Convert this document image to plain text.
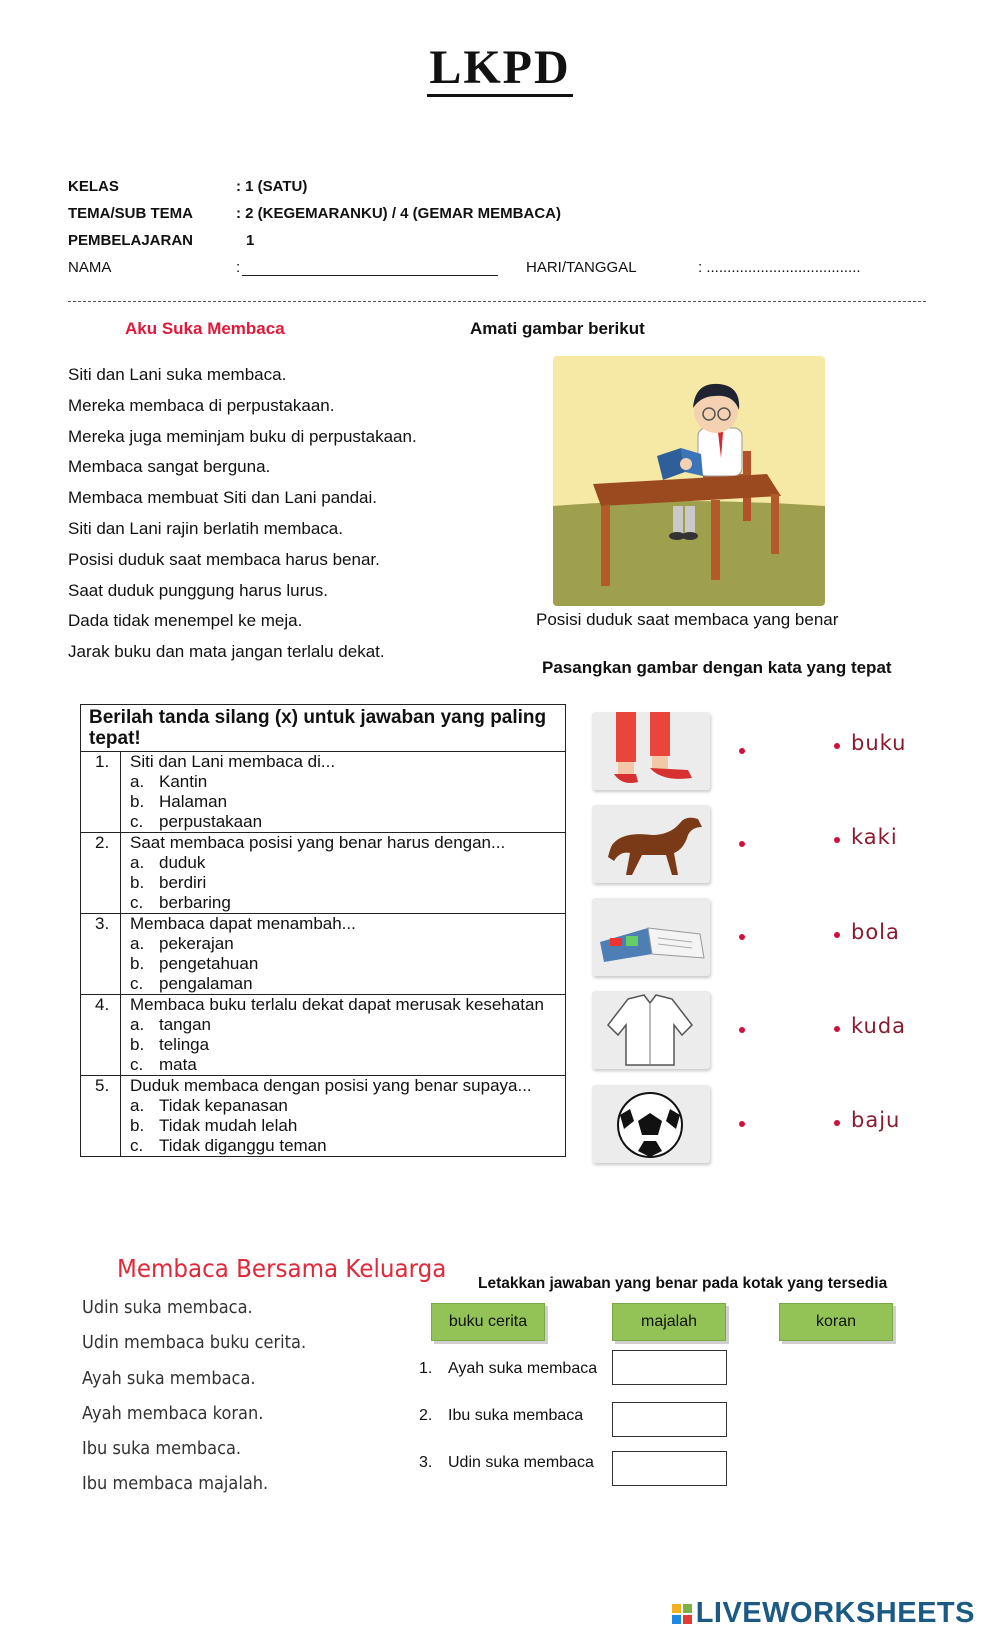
LKPD
KELAS	: 1 (SATU)
TEMA/SUB TEMA	: 2 (KEGEMARANKU) / 4 (GEMAR MEMBACA)
PEMBELAJARAN	1
NAMA	:	HARI/TANGGAL	: .....................................
Aku Suka Membaca	Amati gambar berikut
Siti dan Lani suka membaca.
Mereka membaca di perpustakaan.
Mereka juga meminjam buku di perpustakaan.
Membaca sangat berguna.
Membaca membuat Siti dan Lani pandai.
Siti dan Lani rajin berlatih membaca.
Posisi duduk saat membaca harus benar.
Saat duduk punggung harus lurus.
Dada tidak menempel ke meja.
Jarak buku dan mata jangan terlalu dekat.
Posisi duduk saat membaca yang benar
Pasangkan gambar dengan kata yang tepat
Berilah tanda silang (x) untuk jawaban yang paling tepat!
1.	Siti dan Lani membaca di...
a. Kantin
b. Halaman
c. perpustakaan
2.	Saat membaca posisi yang benar harus dengan...
a. duduk
b. berdiri
c. berbaring
3.	Membaca dapat menambah...
a. pekerajan
b. pengetahuan
c. pengalaman
4.	Membaca buku terlalu dekat dapat merusak kesehatan
a. tangan
b. telinga
c. mata
5.	Duduk membaca dengan posisi yang benar supaya...
a. Tidak kepanasan
b. Tidak mudah lelah
c. Tidak diganggu teman
buku
kaki
bola
kuda
baju
Membaca Bersama Keluarga
Udin suka membaca.
Udin membaca buku cerita.
Ayah suka membaca.
Ayah membaca koran.
Ibu suka membaca.
Ibu membaca majalah.
Letakkan jawaban yang benar pada kotak yang tersedia
buku cerita	majalah	koran
1. Ayah suka membaca
2. Ibu suka membaca
3. Udin suka membaca
LIVEWORKSHEETS
